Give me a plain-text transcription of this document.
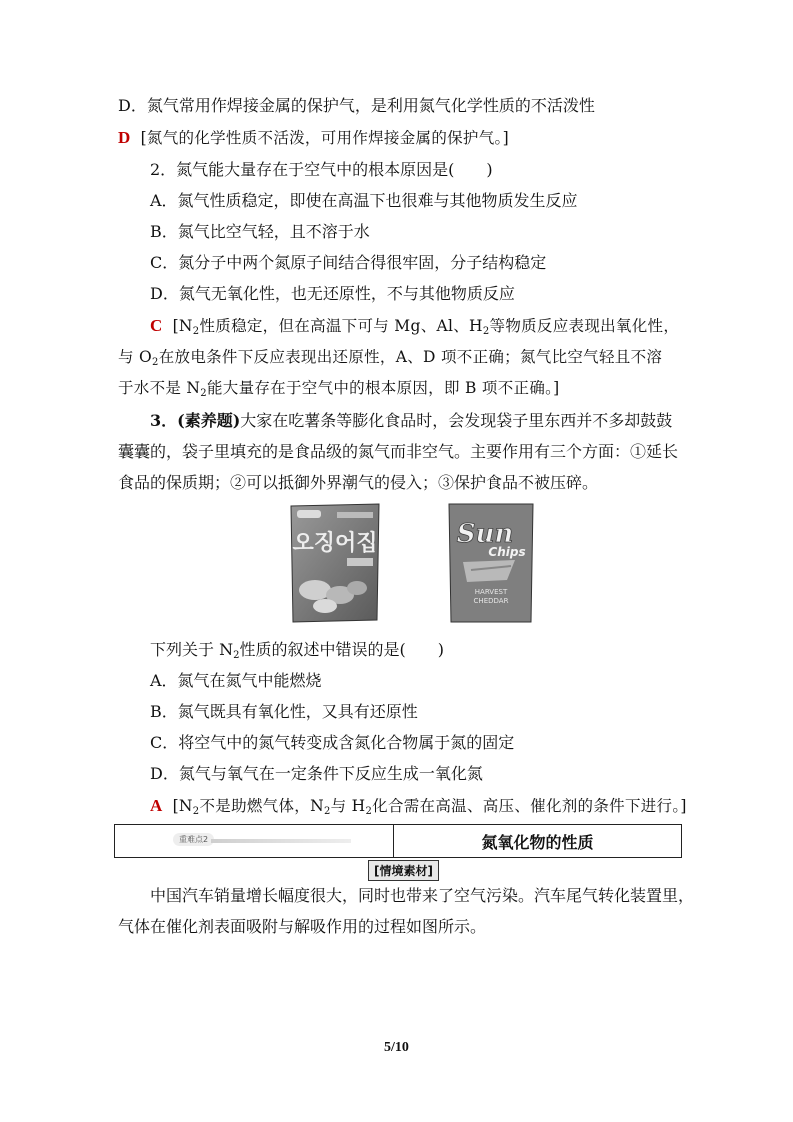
D．氮气常用作焊接金属的保护气，是利用氮气化学性质的不活泼性
D [氮气的化学性质不活泼，可用作焊接金属的保护气。]
2．氮气能大量存在于空气中的根本原因是(　　)
A．氮气性质稳定，即使在高温下也很难与其他物质发生反应
B．氮气比空气轻，且不溶于水
C．氮分子中两个氮原子间结合得很牢固，分子结构稳定
D．氮气无氧化性，也无还原性，不与其他物质反应
C [$N_2$性质稳定，但在高温下可与 Mg、Al、$H_2$等物质反应表现出氧化性，
与 $O_2$在放电条件下反应表现出还原性，A、D 项不正确；氮气比空气轻且不溶
于水不是 $N_2$能大量存在于空气中的根本原因，即 B 项不正确。]
3．(素养题)大家在吃薯条等膨化食品时，会发现袋子里东西并不多却鼓鼓
囊囊的，袋子里填充的是食品级的氮气而非空气。主要作用有三个方面：①延长
食品的保质期；②可以抵御外界潮气的侵入；③保护食品不被压碎。
오징어집	Sun
Chips
HARVEST
CHEDDAR
下列关于 $N_2$性质的叙述中错误的是(　　)
A．氮气在氮气中能燃烧
B．氮气既具有氧化性，又具有还原性
C．将空气中的氮气转变成含氮化合物属于氮的固定
D．氮气与氧气在一定条件下反应生成一氧化氮
A [$N_2$不是助燃气体，$N_2$与 $H_2$化合需在高温、高压、催化剂的条件下进行。]
重难点2	氮氧化物的性质
[情境素材]
中国汽车销量增长幅度很大，同时也带来了空气污染。汽车尾气转化装置里，
气体在催化剂表面吸附与解吸作用的过程如图所示。
5/10
